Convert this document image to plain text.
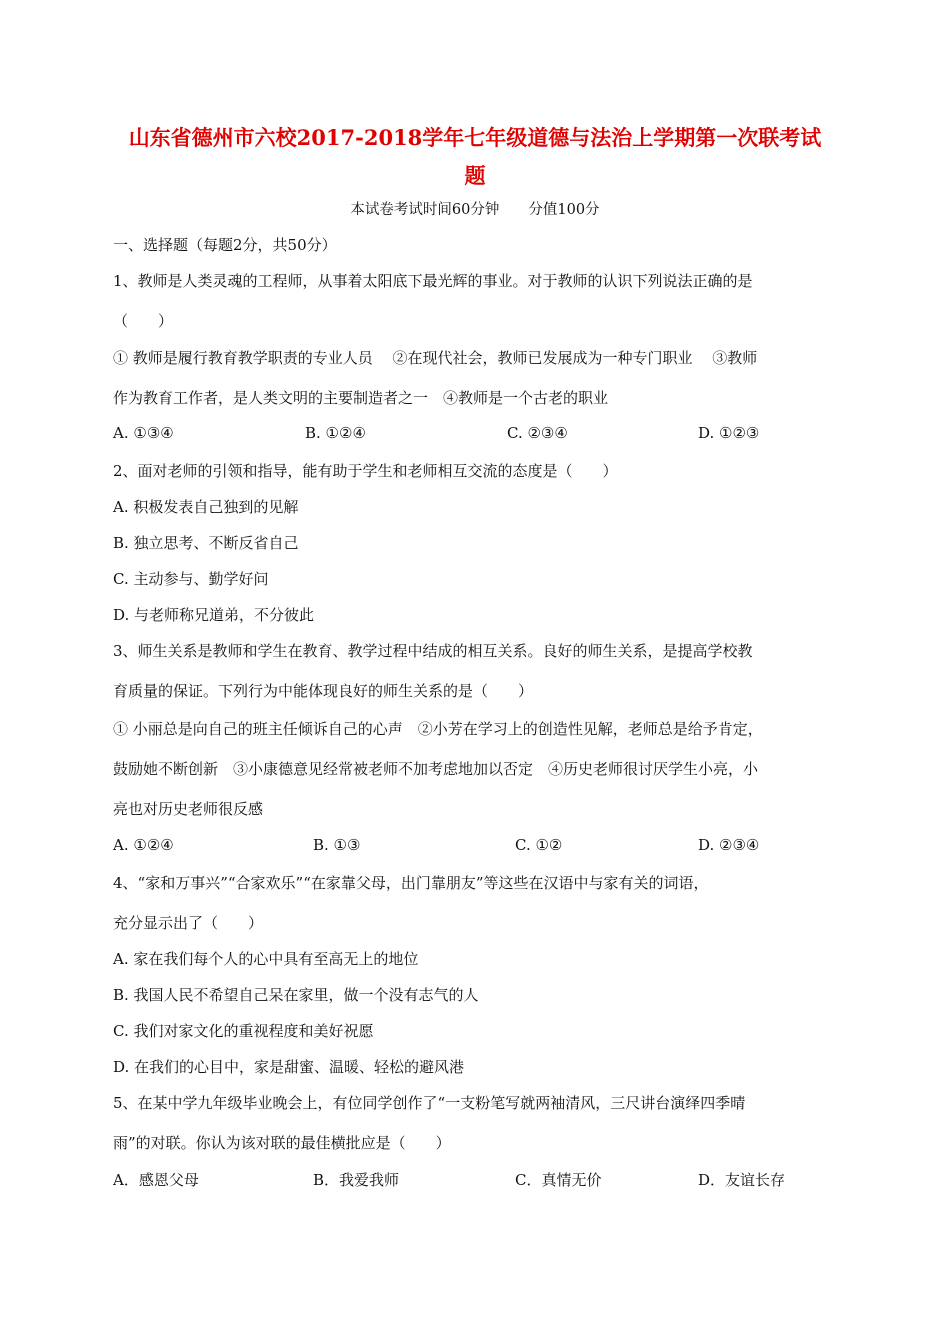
山东省德州市六校2017-2018学年七年级道德与法治上学期第一次联考试
题
本试卷考试时间60分钟　　分值100分
一、选择题（每题2分，共50分）
1、教师是人类灵魂的工程师，从事着太阳底下最光辉的事业。对于教师的认识下列说法正确的是
（　　）
① 教师是履行教育教学职责的专业人员　 ②在现代社会，教师已发展成为一种专门职业　 ③教师
作为教育工作者，是人类文明的主要制造者之一　④教师是一个古老的职业
A. ①③④	B. ①②④	C. ②③④	D. ①②③
2、面对老师的引领和指导，能有助于学生和老师相互交流的态度是（　　）
A. 积极发表自己独到的见解
B. 独立思考、不断反省自己
C. 主动参与、勤学好问
D. 与老师称兄道弟，不分彼此
3、师生关系是教师和学生在教育、教学过程中结成的相互关系。良好的师生关系，是提高学校教
育质量的保证。下列行为中能体现良好的师生关系的是（　　）
① 小丽总是向自己的班主任倾诉自己的心声　②小芳在学习上的创造性见解，老师总是给予肯定，
鼓励她不断创新　③小康德意见经常被老师不加考虑地加以否定　④历史老师很讨厌学生小亮，小
亮也对历史老师很反感
A. ①②④	B. ①③	C. ①②	D. ②③④
4、“家和万事兴”“合家欢乐”“在家靠父母，出门靠朋友”等这些在汉语中与家有关的词语，
充分显示出了（　　）
A. 家在我们每个人的心中具有至高无上的地位
B. 我国人民不希望自己呆在家里，做一个没有志气的人
C. 我们对家文化的重视程度和美好祝愿
D. 在我们的心目中，家是甜蜜、温暖、轻松的避风港
5、在某中学九年级毕业晚会上，有位同学创作了“一支粉笔写就两袖清风，三尺讲台演绎四季晴
雨”的对联。你认为该对联的最佳横批应是（　　）
A．感恩父母	B．我爱我师	C．真情无价	D．友谊长存
